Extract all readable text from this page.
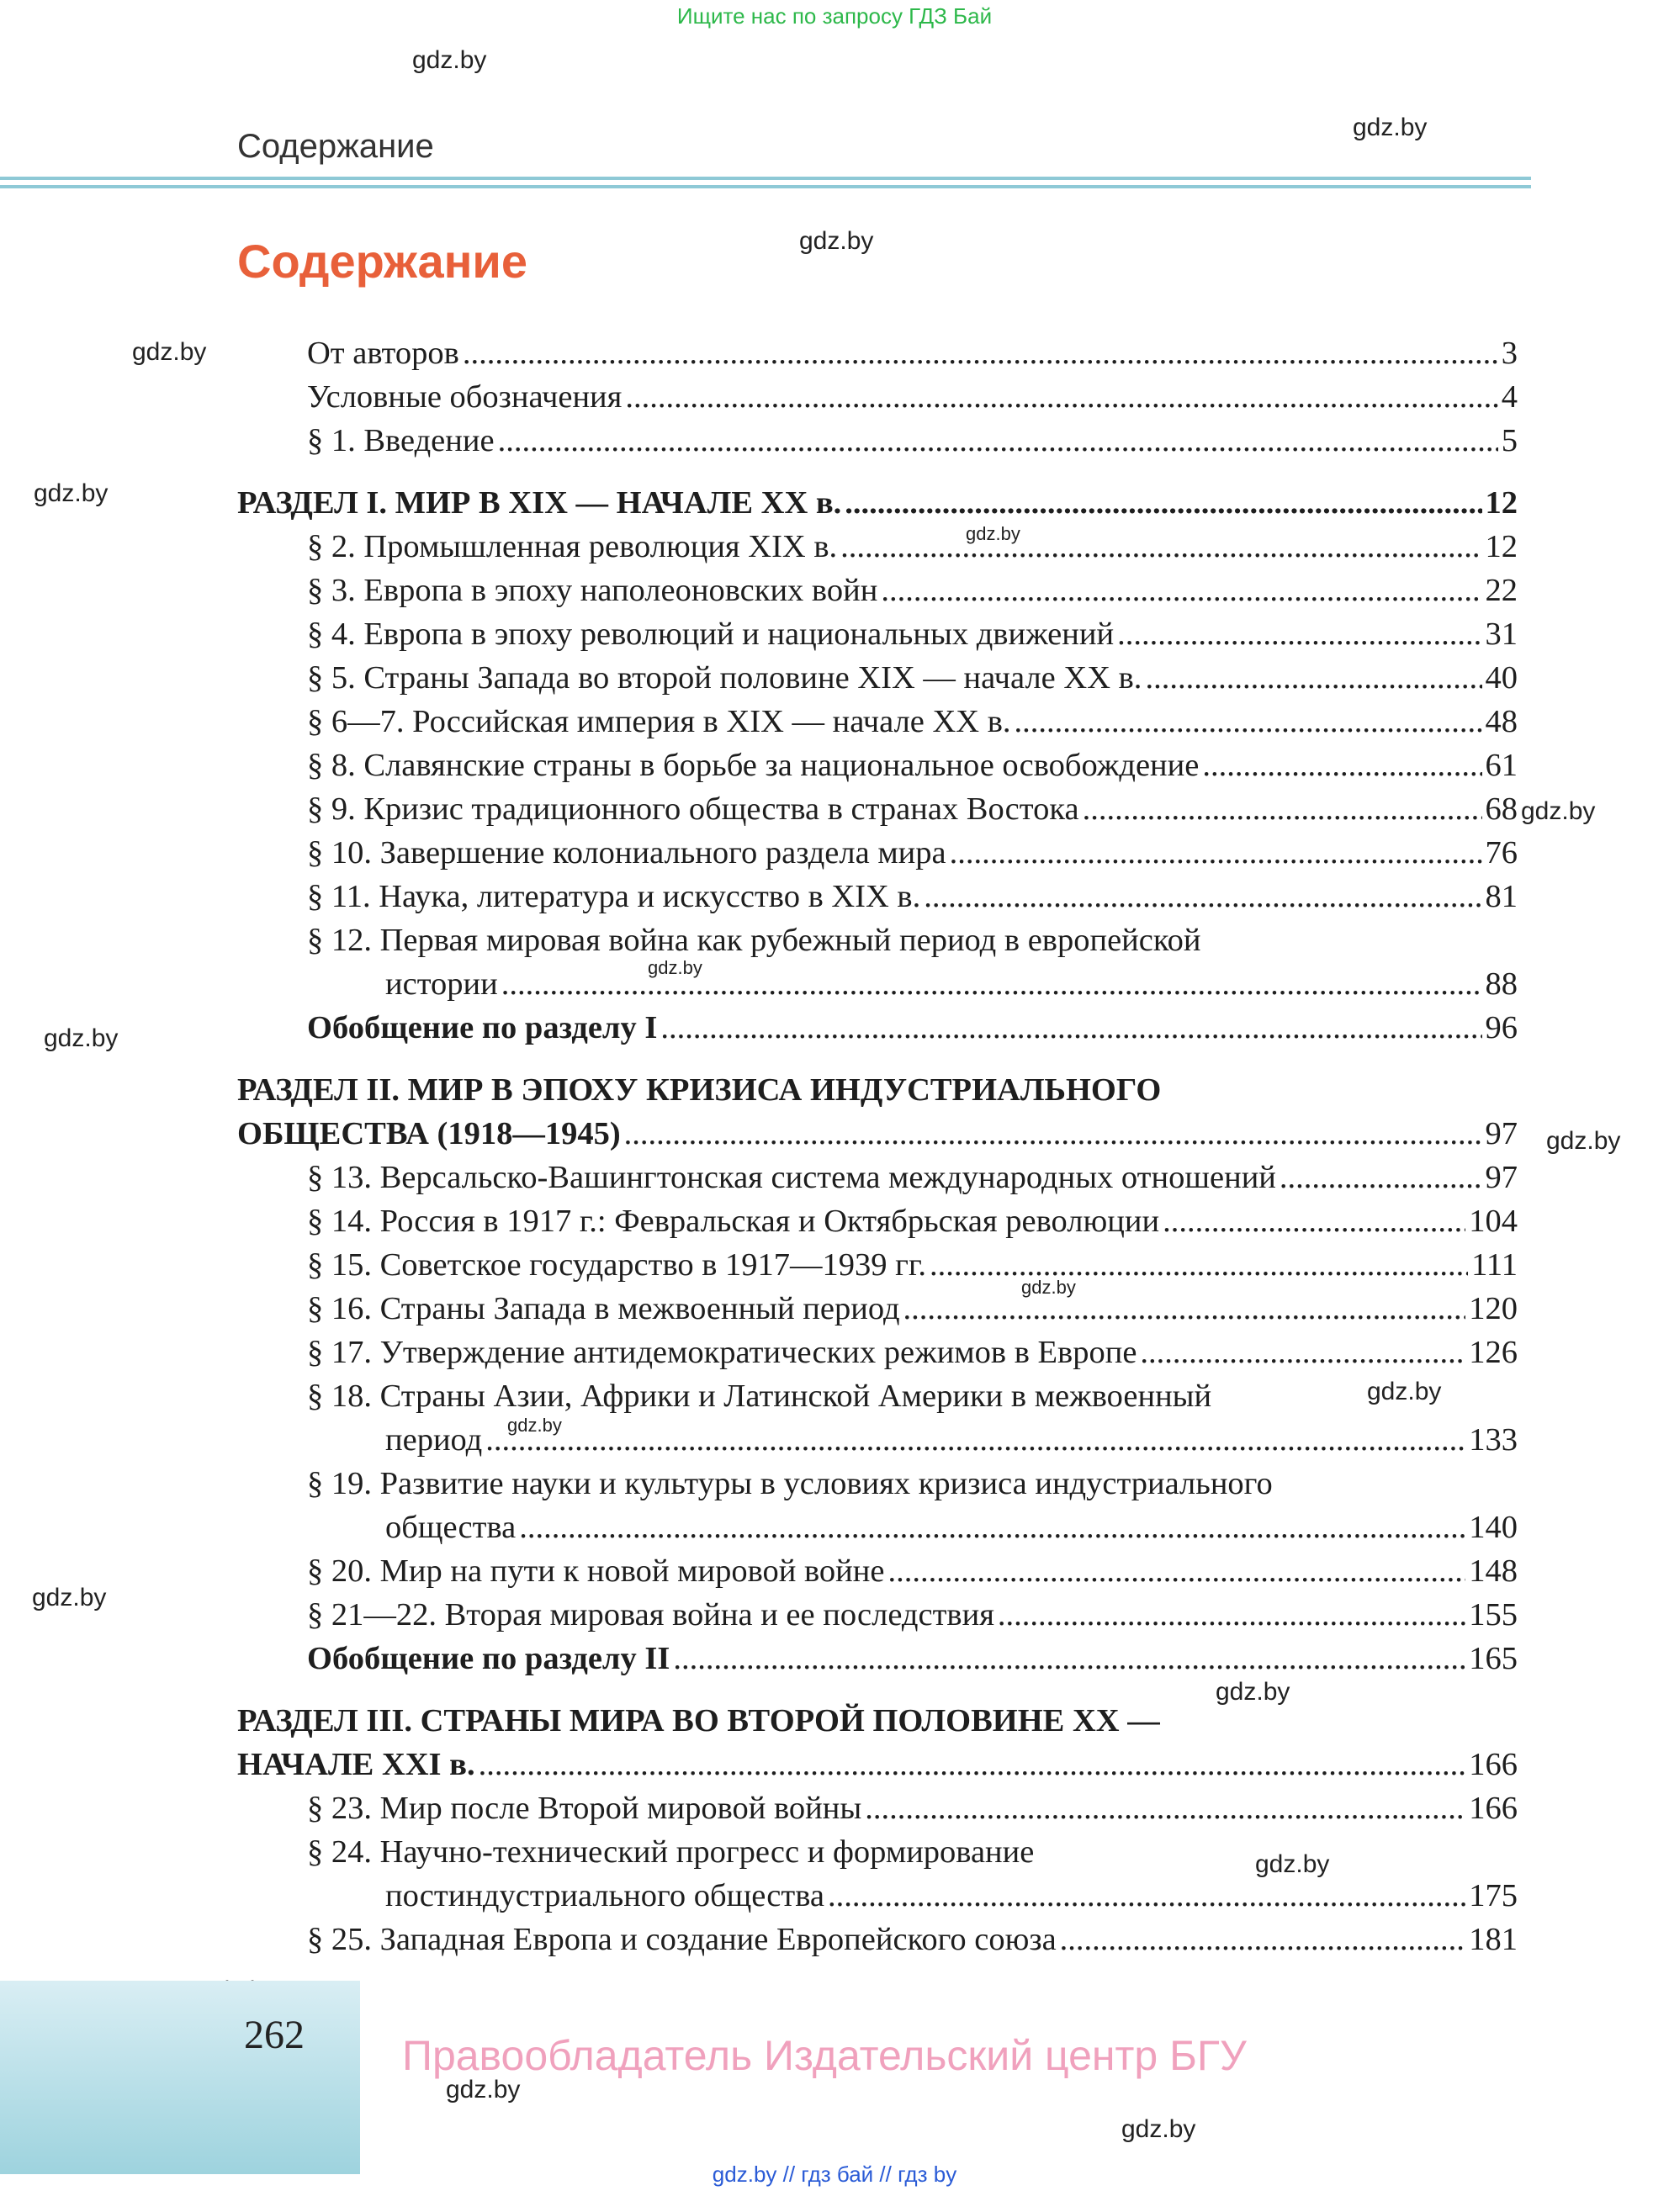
Ищите нас по запросу ГДЗ Бай
gdz.by
gdz.by
gdz.by
gdz.by
gdz.by
gdz.by
gdz.by
gdz.by
gdz.by
gdz.by
gdz.by
gdz.by
gdz.by
gdz.by
gdz.by
gdz.by
gdz.by
gdz.by
Содержание
Содержание
От авторов .....	3
Условные обозначения .....	4
§ 1. Введение .....	5
РАЗДЕЛ I. МИР В XIX — НАЧАЛЕ XX в. .....	12
§ 2. Промышленная революция XIX в. .....	12
§ 3. Европа в эпоху наполеоновских войн .....	22
§ 4. Европа в эпоху революций и национальных движений .....	31
§ 5. Страны Запада во второй половине XIX — начале XX в. .....	40
§ 6—7. Российская империя в XIX — начале XX в. .....	48
§ 8. Славянские страны в борьбе за национальное освобождение .....	61
§ 9. Кризис традиционного общества в странах Востока .....	68
§ 10. Завершение колониального раздела мира .....	76
§ 11. Наука, литература и искусство в XIX в. .....	81
§ 12. Первая мировая война как рубежный период в европейской
истории .....	88
Обобщение по разделу I .....	96
РАЗДЕЛ II. МИР В ЭПОХУ КРИЗИСА ИНДУСТРИАЛЬНОГО
ОБЩЕСТВА (1918—1945) .....	97
§ 13. Версальско-Вашингтонская система международных отношений .....	97
§ 14. Россия в 1917 г.: Февральская и Октябрьская революции .....	104
§ 15. Советское государство в 1917—1939 гг. .....	111
§ 16. Страны Запада в межвоенный период .....	120
§ 17. Утверждение антидемократических режимов в Европе .....	126
§ 18. Страны Азии, Африки и Латинской Америки в межвоенный
период .....	133
§ 19. Развитие науки и культуры в условиях кризиса индустриального
общества .....	140
§ 20. Мир на пути к новой мировой войне .....	148
§ 21—22. Вторая мировая война и ее последствия .....	155
Обобщение по разделу II .....	165
РАЗДЕЛ III. СТРАНЫ МИРА ВО ВТОРОЙ ПОЛОВИНЕ XX —
НАЧАЛЕ XXI в. .....	166
§ 23. Мир после Второй мировой войны .....	166
§ 24. Научно-технический прогресс и формирование
постиндустриального общества .....	175
§ 25. Западная Европа и создание Европейского союза .....	181
262 Правообладатель Издательский центр БГУ
gdz.by // гдз бай // гдз by
